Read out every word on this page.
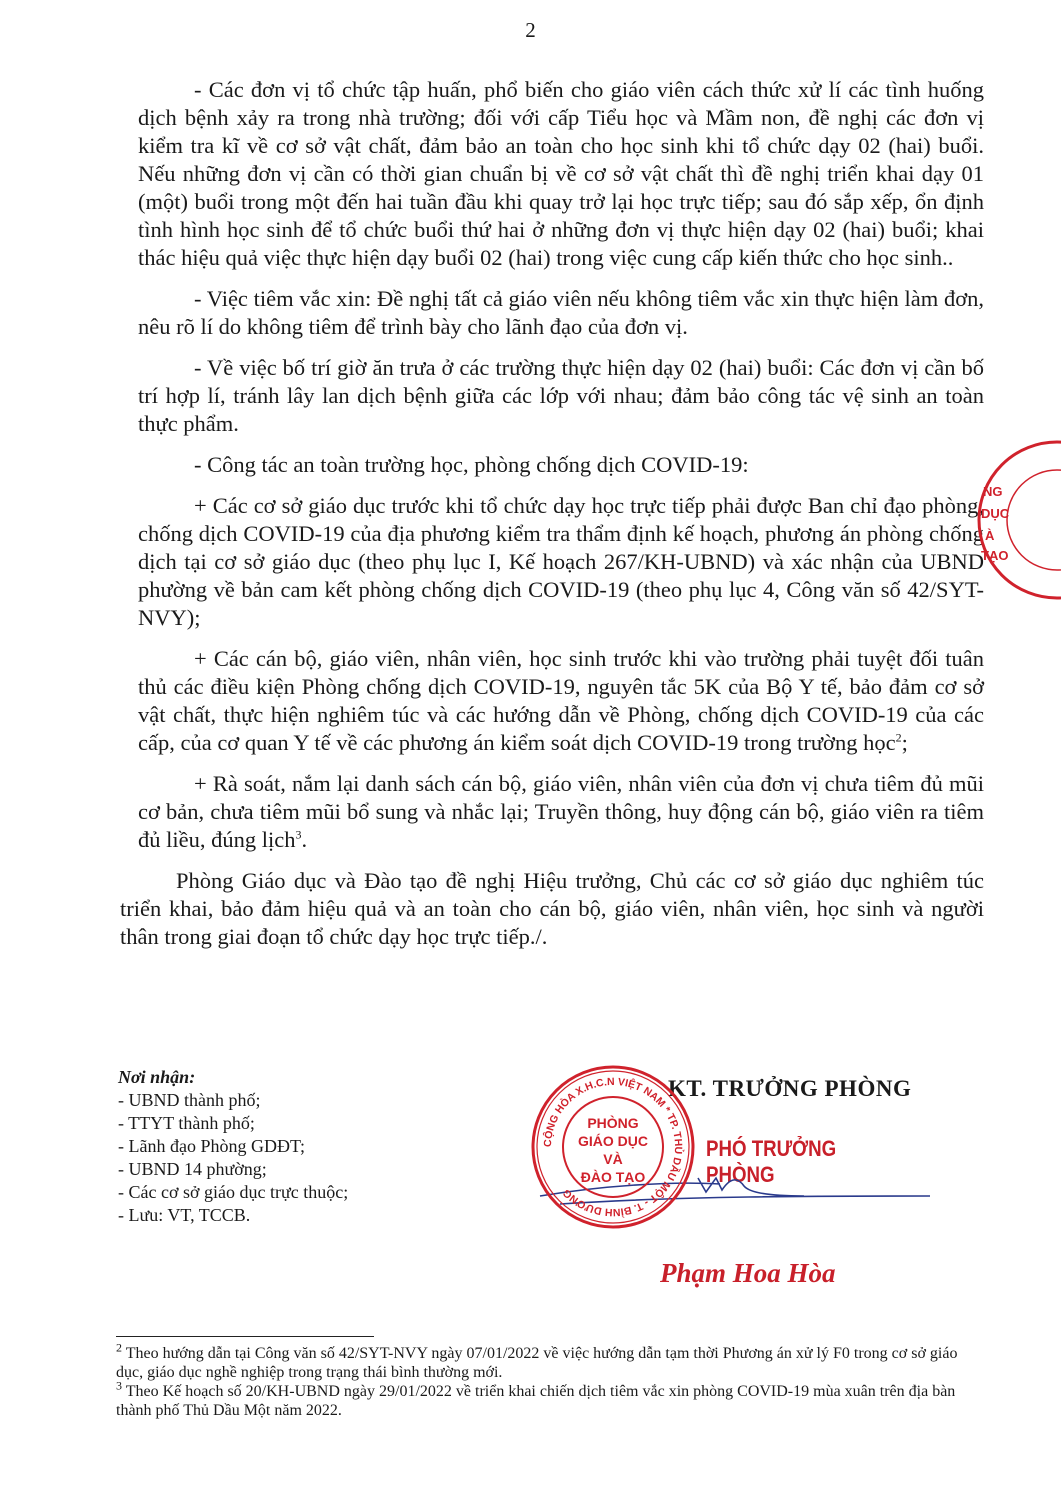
2

- Các đơn vị tổ chức tập huấn, phổ biến cho giáo viên cách thức xử lí các tình huống dịch bệnh xảy ra trong nhà trường; đối với cấp Tiểu học và Mầm non, đề nghị các đơn vị kiểm tra kĩ về cơ sở vật chất, đảm bảo an toàn cho học sinh khi tổ chức dạy 02 (hai) buổi. Nếu những đơn vị cần có thời gian chuẩn bị về cơ sở vật chất thì đề nghị triển khai dạy 01 (một) buổi trong một đến hai tuần đầu khi quay trở lại học trực tiếp; sau đó sắp xếp, ổn định tình hình học sinh để tổ chức buổi thứ hai ở những đơn vị thực hiện dạy 02 (hai) buổi; khai thác hiệu quả việc thực hiện dạy buổi 02 (hai) trong việc cung cấp kiến thức cho học sinh..

- Việc tiêm vắc xin: Đề nghị tất cả giáo viên nếu không tiêm vắc xin thực hiện làm đơn, nêu rõ lí do không tiêm để trình bày cho lãnh đạo của đơn vị.

- Về việc bố trí giờ ăn trưa ở các trường thực hiện dạy 02 (hai) buổi: Các đơn vị cần bố trí hợp lí, tránh lây lan dịch bệnh giữa các lớp với nhau; đảm bảo công tác vệ sinh an toàn thực phẩm.

- Công tác an toàn trường học, phòng chống dịch COVID-19:

+ Các cơ sở giáo dục trước khi tổ chức dạy học trực tiếp phải được Ban chỉ đạo phòng, chống dịch COVID-19 của địa phương kiểm tra thẩm định kế hoạch, phương án phòng chống dịch tại cơ sở giáo dục (theo phụ lục I, Kế hoạch 267/KH-UBND) và xác nhận của UBND phường về bản cam kết phòng chống dịch COVID-19 (theo phụ lục 4, Công văn số 42/SYT-NVY);

+ Các cán bộ, giáo viên, nhân viên, học sinh trước khi vào trường phải tuyệt đối tuân thủ các điều kiện Phòng chống dịch COVID-19, nguyên tắc 5K của Bộ Y tế, bảo đảm cơ sở vật chất, thực hiện nghiêm túc và các hướng dẫn về Phòng, chống dịch COVID-19 của các cấp, của cơ quan Y tế về các phương án kiểm soát dịch COVID-19 trong trường học$^2$;

+ Rà soát, nắm lại danh sách cán bộ, giáo viên, nhân viên của đơn vị chưa tiêm đủ mũi cơ bản, chưa tiêm mũi bổ sung và nhắc lại; Truyền thông, huy động cán bộ, giáo viên ra tiêm đủ liều, đúng lịch$^3$.

Phòng Giáo dục và Đào tạo đề nghị Hiệu trưởng, Chủ các cơ sở giáo dục nghiêm túc triển khai, bảo đảm hiệu quả và an toàn cho cán bộ, giáo viên, nhân viên, học sinh và người thân trong giai đoạn tổ chức dạy học trực tiếp./.

Nơi nhận:
- UBND thành phố;
- TTYT thành phố;
- Lãnh đạo Phòng GDĐT;
- UBND 14 phường;
- Các cơ sở giáo dục trực thuộc;
- Lưu: VT, TCCB.
KT. TRƯỞNG PHÒNG
PHÓ TRƯỞNG PHÒNG
CỘNG HÒA X.H.C.N VIỆT NAM * TP. THỦ DẦU MỘT - T. BÌNH DƯƠNG
PHÒNG
GIÁO DỤC
VÀ
ĐÀO TẠO
Phạm Hoa Hòa
NG
DỤC
À
TẠO

$^2$ Theo hướng dẫn tại Công văn số 42/SYT-NVY ngày 07/01/2022 về việc hướng dẫn tạm thời Phương án xử lý F0 trong cơ sở giáo dục, giáo dục nghề nghiệp trong trạng thái bình thường mới.

$^3$ Theo Kế hoạch số 20/KH-UBND ngày 29/01/2022 về triển khai chiến dịch tiêm vắc xin phòng COVID-19 mùa xuân trên địa bàn thành phố Thủ Dầu Một năm 2022.
